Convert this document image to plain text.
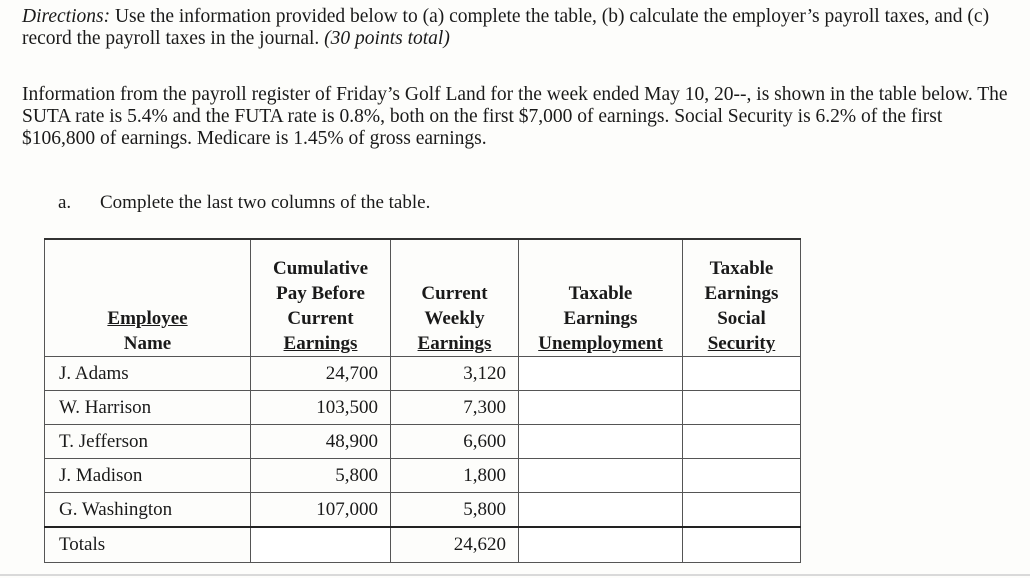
Directions: Use the information provided below to (a) complete the table, (b) calculate the employer’s payroll taxes, and (c) record the payroll taxes in the journal. (30 points total)
Information from the payroll register of Friday’s Golf Land for the week ended May 10, 20--, is shown in the table below. The SUTA rate is 5.4% and the FUTA rate is 0.8%, both on the first $7,000 of earnings. Social Security is 6.2% of the first $106,800 of earnings. Medicare is 1.45% of gross earnings.
a. Complete the last two columns of the table.
Employee
Name	Cumulative
Pay Before
Current
Earnings	Current
Weekly
Earnings	Taxable
Earnings
Unemployment	Taxable
Earnings
Social
Security
J. Adams	24,700	3,120		
W. Harrison	103,500	7,300		
T. Jefferson	48,900	6,600		
J. Madison	5,800	1,800		
G. Washington	107,000	5,800		
Totals		24,620		
